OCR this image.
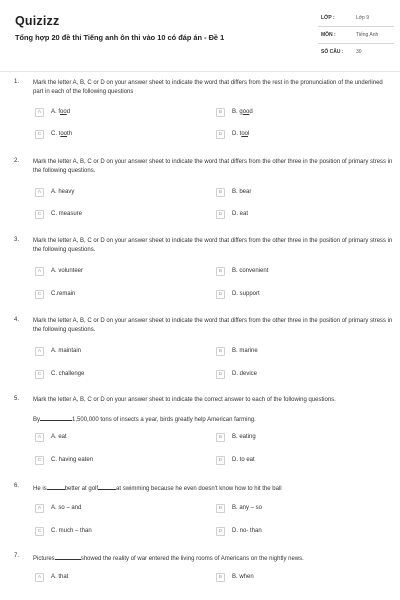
Quizizz
Tổng hợp 20 đề thi Tiếng anh ôn thi vào 10 có đáp án - Đề 1
LỚP :	Lớp 9
MÔN :	Tiếng Anh
SỐ CÂU :	30
1. Mark the letter A, B, C or D on your answer sheet to indicate the word that differs from the rest in the pronunciation of the underlined part in each of the following questions
A	A. food	B	B. good
C	C. tooth	D	D. tool
2. Mark the letter A, B, C or D on your answer sheet to indicate the word that differs from the other three in the position of primary stress in the following questions.
A	A. heavy	B	B. bear
C	C. measure	D	D. eat
3. Mark the letter A, B, C or D on your answer sheet to indicate the word that differs from the other three in the position of primary stress in the following questions.
A	A. volunteer	B	B. convenient
C	C.remain	D	D. support
4. Mark the letter A, B, C or D on your answer sheet to indicate the word that differs from the other three in the position of primary stress in the following questions.
A	A. maintain	B	B. marine
C	C. challenge	D	D. device
5. Mark the letter A, B, C or D on your answer sheet to indicate the correct answer to each of the following questions.
By	1,500,000 tons of insects a year, birds greatly help American farming.
A	A. eat	B	B. eating
C	C. having eaten	D	D. to eat
6. He is	better at golf	at swimming because he even doesn't know how to hit the ball
A	A. so – and	B	B. any – so
C	C. much – than	D	D. no- than
7. Pictures	showed the reality of war entered the living rooms of Americans on the nightly news.
A	A. that	B	B. when
